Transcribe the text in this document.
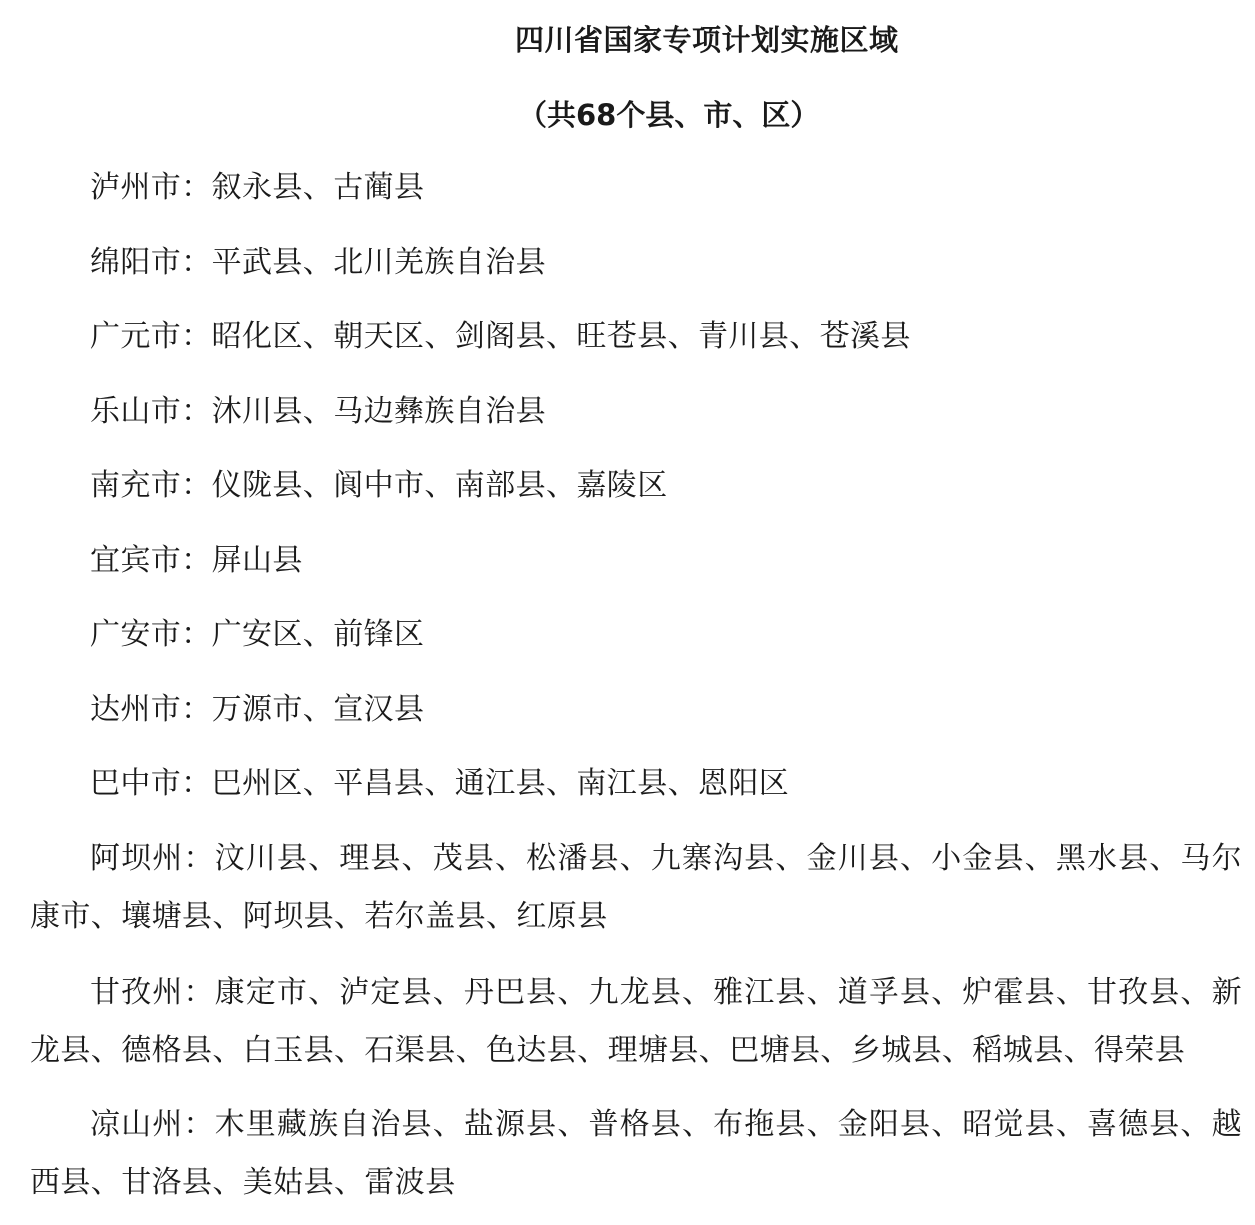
四川省国家专项计划实施区域
（共68个县、市、区）
泸州市：叙永县、古蔺县
绵阳市：平武县、北川羌族自治县
广元市：昭化区、朝天区、剑阁县、旺苍县、青川县、苍溪县
乐山市：沐川县、马边彝族自治县
南充市：仪陇县、阆中市、南部县、嘉陵区
宜宾市：屏山县
广安市：广安区、前锋区
达州市：万源市、宣汉县
巴中市：巴州区、平昌县、通江县、南江县、恩阳区
阿坝州：汶川县、理县、茂县、松潘县、九寨沟县、金川县、小金县、黑水县、马尔康市、壤塘县、阿坝县、若尔盖县、红原县
甘孜州：康定市、泸定县、丹巴县、九龙县、雅江县、道孚县、炉霍县、甘孜县、新龙县、德格县、白玉县、石渠县、色达县、理塘县、巴塘县、乡城县、稻城县、得荣县
凉山州：木里藏族自治县、盐源县、普格县、布拖县、金阳县、昭觉县、喜德县、越西县、甘洛县、美姑县、雷波县
